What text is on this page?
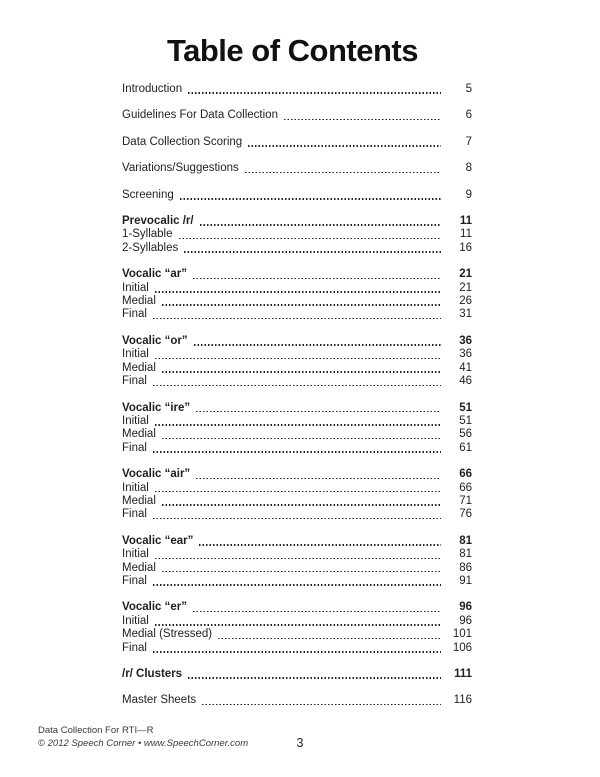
Table of Contents
Introduction	5
Guidelines For Data Collection	6
Data Collection Scoring	7
Variations/Suggestions	8
Screening	9
Prevocalic /r/	11
1-Syllable	11
2-Syllables	16
Vocalic “ar”	21
Initial	21
Medial	26
Final	31
Vocalic “or”	36
Initial	36
Medial	41
Final	46
Vocalic “ire”	51
Initial	51
Medial	56
Final	61
Vocalic “air”	66
Initial	66
Medial	71
Final	76
Vocalic “ear”	81
Initial	81
Medial	86
Final	91
Vocalic “er”	96
Initial	96
Medial (Stressed)	101
Final	106
/r/ Clusters	111
Master Sheets	116
Data Collection For RTI—R
© 2012 Speech Corner • www.SpeechCorner.com	3
